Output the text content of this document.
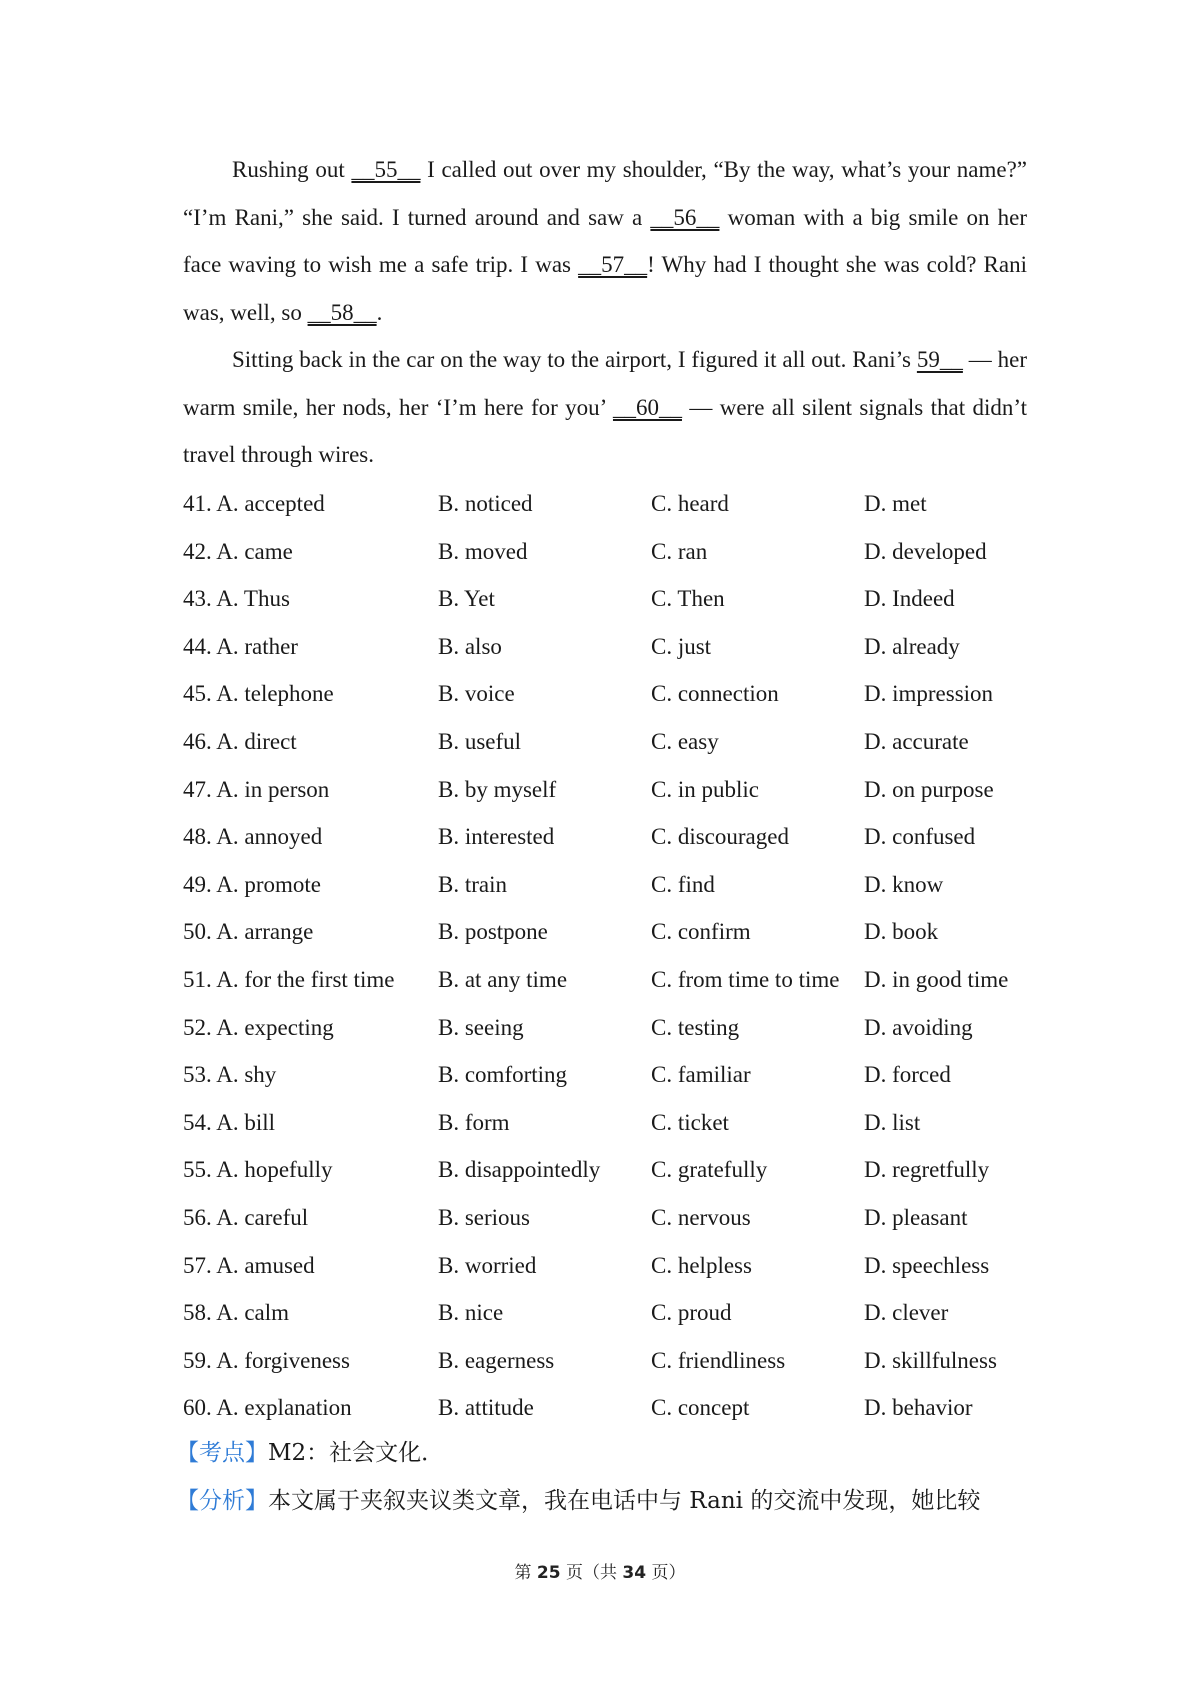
Rushing out __55__ I called out over my shoulder, “By the way, what’s your name?” “I’m Rani,” she said. I turned around and saw a __56__ woman with a big smile on her face waving to wish me a safe trip. I was __57__! Why had I thought she was cold? Rani was, well, so __58__.
Sitting back in the car on the way to the airport, I figured it all out. Rani’s 59__ — her warm smile, her nods, her ‘I’m here for you’ __60__ — were all silent signals that didn’t travel through wires.
41. A. accepted	B. noticed	C. heard	D. met
42. A. came	B. moved	C. ran	D. developed
43. A. Thus	B. Yet	C. Then	D. Indeed
44. A. rather	B. also	C. just	D. already
45. A. telephone	B. voice	C. connection	D. impression
46. A. direct	B. useful	C. easy	D. accurate
47. A. in person	B. by myself	C. in public	D. on purpose
48. A. annoyed	B. interested	C. discouraged	D. confused
49. A. promote	B. train	C. find	D. know
50. A. arrange	B. postpone	C. confirm	D. book
51. A. for the first time B. at any time	C. from time to time D. in good time
52. A. expecting	B. seeing	C. testing	D. avoiding
53. A. shy	B. comforting	C. familiar	D. forced
54. A. bill	B. form	C. ticket	D. list
55. A. hopefully	B. disappointedly C. gratefully	D. regretfully
56. A. careful	B. serious	C. nervous	D. pleasant
57. A. amused	B. worried	C. helpless	D. speechless
58. A. calm	B. nice	C. proud	D. clever
59. A. forgiveness	B. eagerness	C. friendliness	D. skillfulness
60. A. explanation	B. attitude	C. concept	D. behavior
【考点】M2：社会文化．
【分析】本文属于夹叙夹议类文章，我在电话中与 Rani 的交流中发现，她比较
第 25 页（共 34 页）
